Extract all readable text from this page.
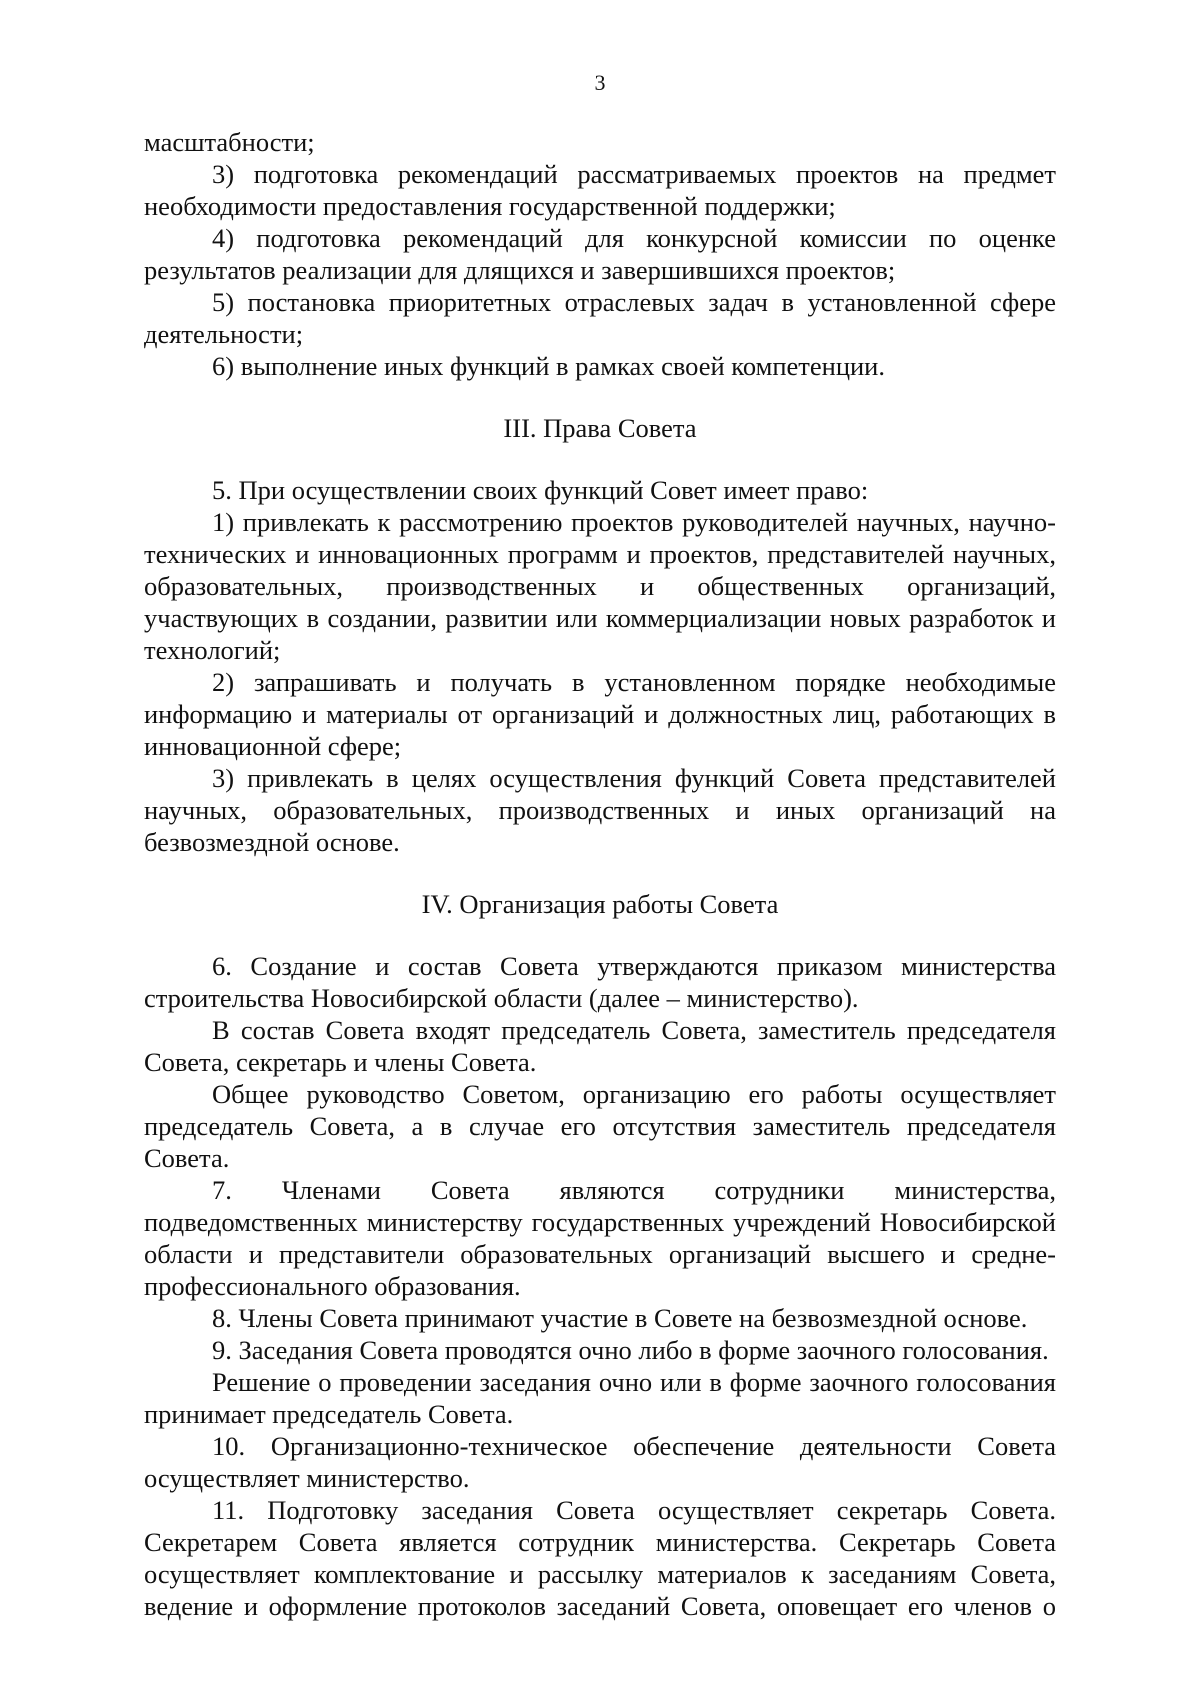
3

масштабности;

3) подготовка рекомендаций рассматриваемых проектов на предмет необходимости предоставления государственной поддержки;

4) подготовка рекомендаций для конкурсной комиссии по оценке результатов реализации для длящихся и завершившихся проектов;

5) постановка приоритетных отраслевых задач в установленной сфере деятельности;

6) выполнение иных функций в рамках своей компетенции.

III. Права Совета

5. При осуществлении своих функций Совет имеет право:

1) привлекать к рассмотрению проектов руководителей научных, научно-технических и инновационных программ и проектов, представителей научных, образовательных, производственных и общественных организаций, участвующих в создании, развитии или коммерциализации новых разработок и технологий;

2) запрашивать и получать в установленном порядке необходимые информацию и материалы от организаций и должностных лиц, работающих в инновационной сфере;

3) привлекать в целях осуществления функций Совета представителей научных, образовательных, производственных и иных организаций на безвозмездной основе.

IV. Организация работы Совета

6. Создание и состав Совета утверждаются приказом министерства строительства Новосибирской области (далее – министерство).

В состав Совета входят председатель Совета, заместитель председателя Совета, секретарь и члены Совета.

Общее руководство Советом, организацию его работы осуществляет председатель Совета, а в случае его отсутствия заместитель председателя Совета.

7. Членами Совета являются сотрудники министерства, подведомственных министерству государственных учреждений Новосибирской области и представители образовательных организаций высшего и средне-профессионального образования.

8. Члены Совета принимают участие в Совете на безвозмездной основе.

9. Заседания Совета проводятся очно либо в форме заочного голосования.

Решение о проведении заседания очно или в форме заочного голосования принимает председатель Совета.

10. Организационно-техническое обеспечение деятельности Совета осуществляет министерство.

11. Подготовку заседания Совета осуществляет секретарь Совета. Секретарем Совета является сотрудник министерства. Секретарь Совета осуществляет комплектование и рассылку материалов к заседаниям Совета, ведение и оформление протоколов заседаний Совета, оповещает его членов о
